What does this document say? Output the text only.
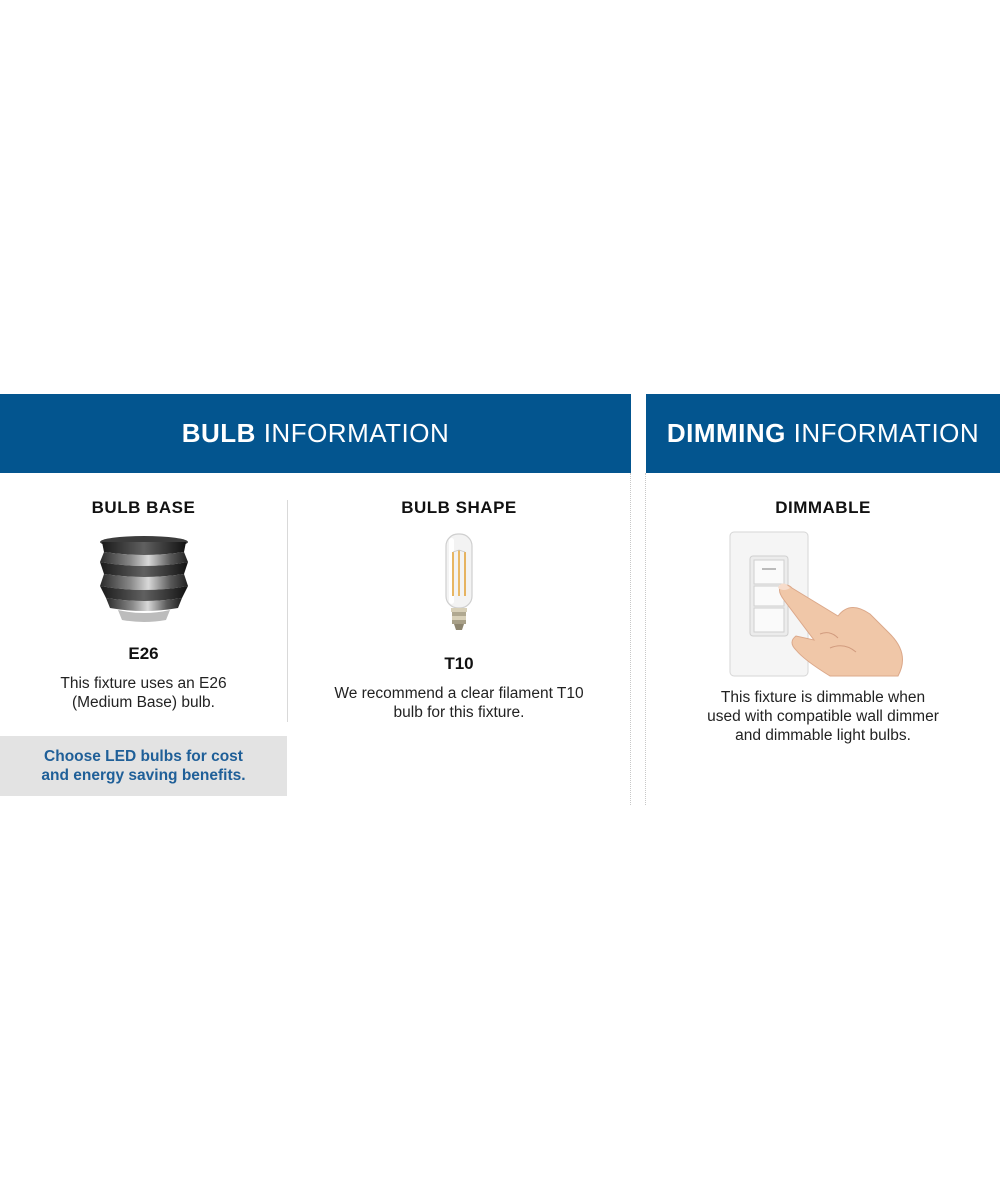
BULB
INFORMATION	DIMMING
INFORMATION
BULB BASE
E26
This fixture uses an E26
(Medium Base) bulb.
Choose LED bulbs for cost
and energy saving benefits.
BULB SHAPE
T10
We recommend a clear filament T10
bulb for this fixture.
DIMMABLE
This fixture is dimmable when
used with compatible wall dimmer
and dimmable light bulbs.
